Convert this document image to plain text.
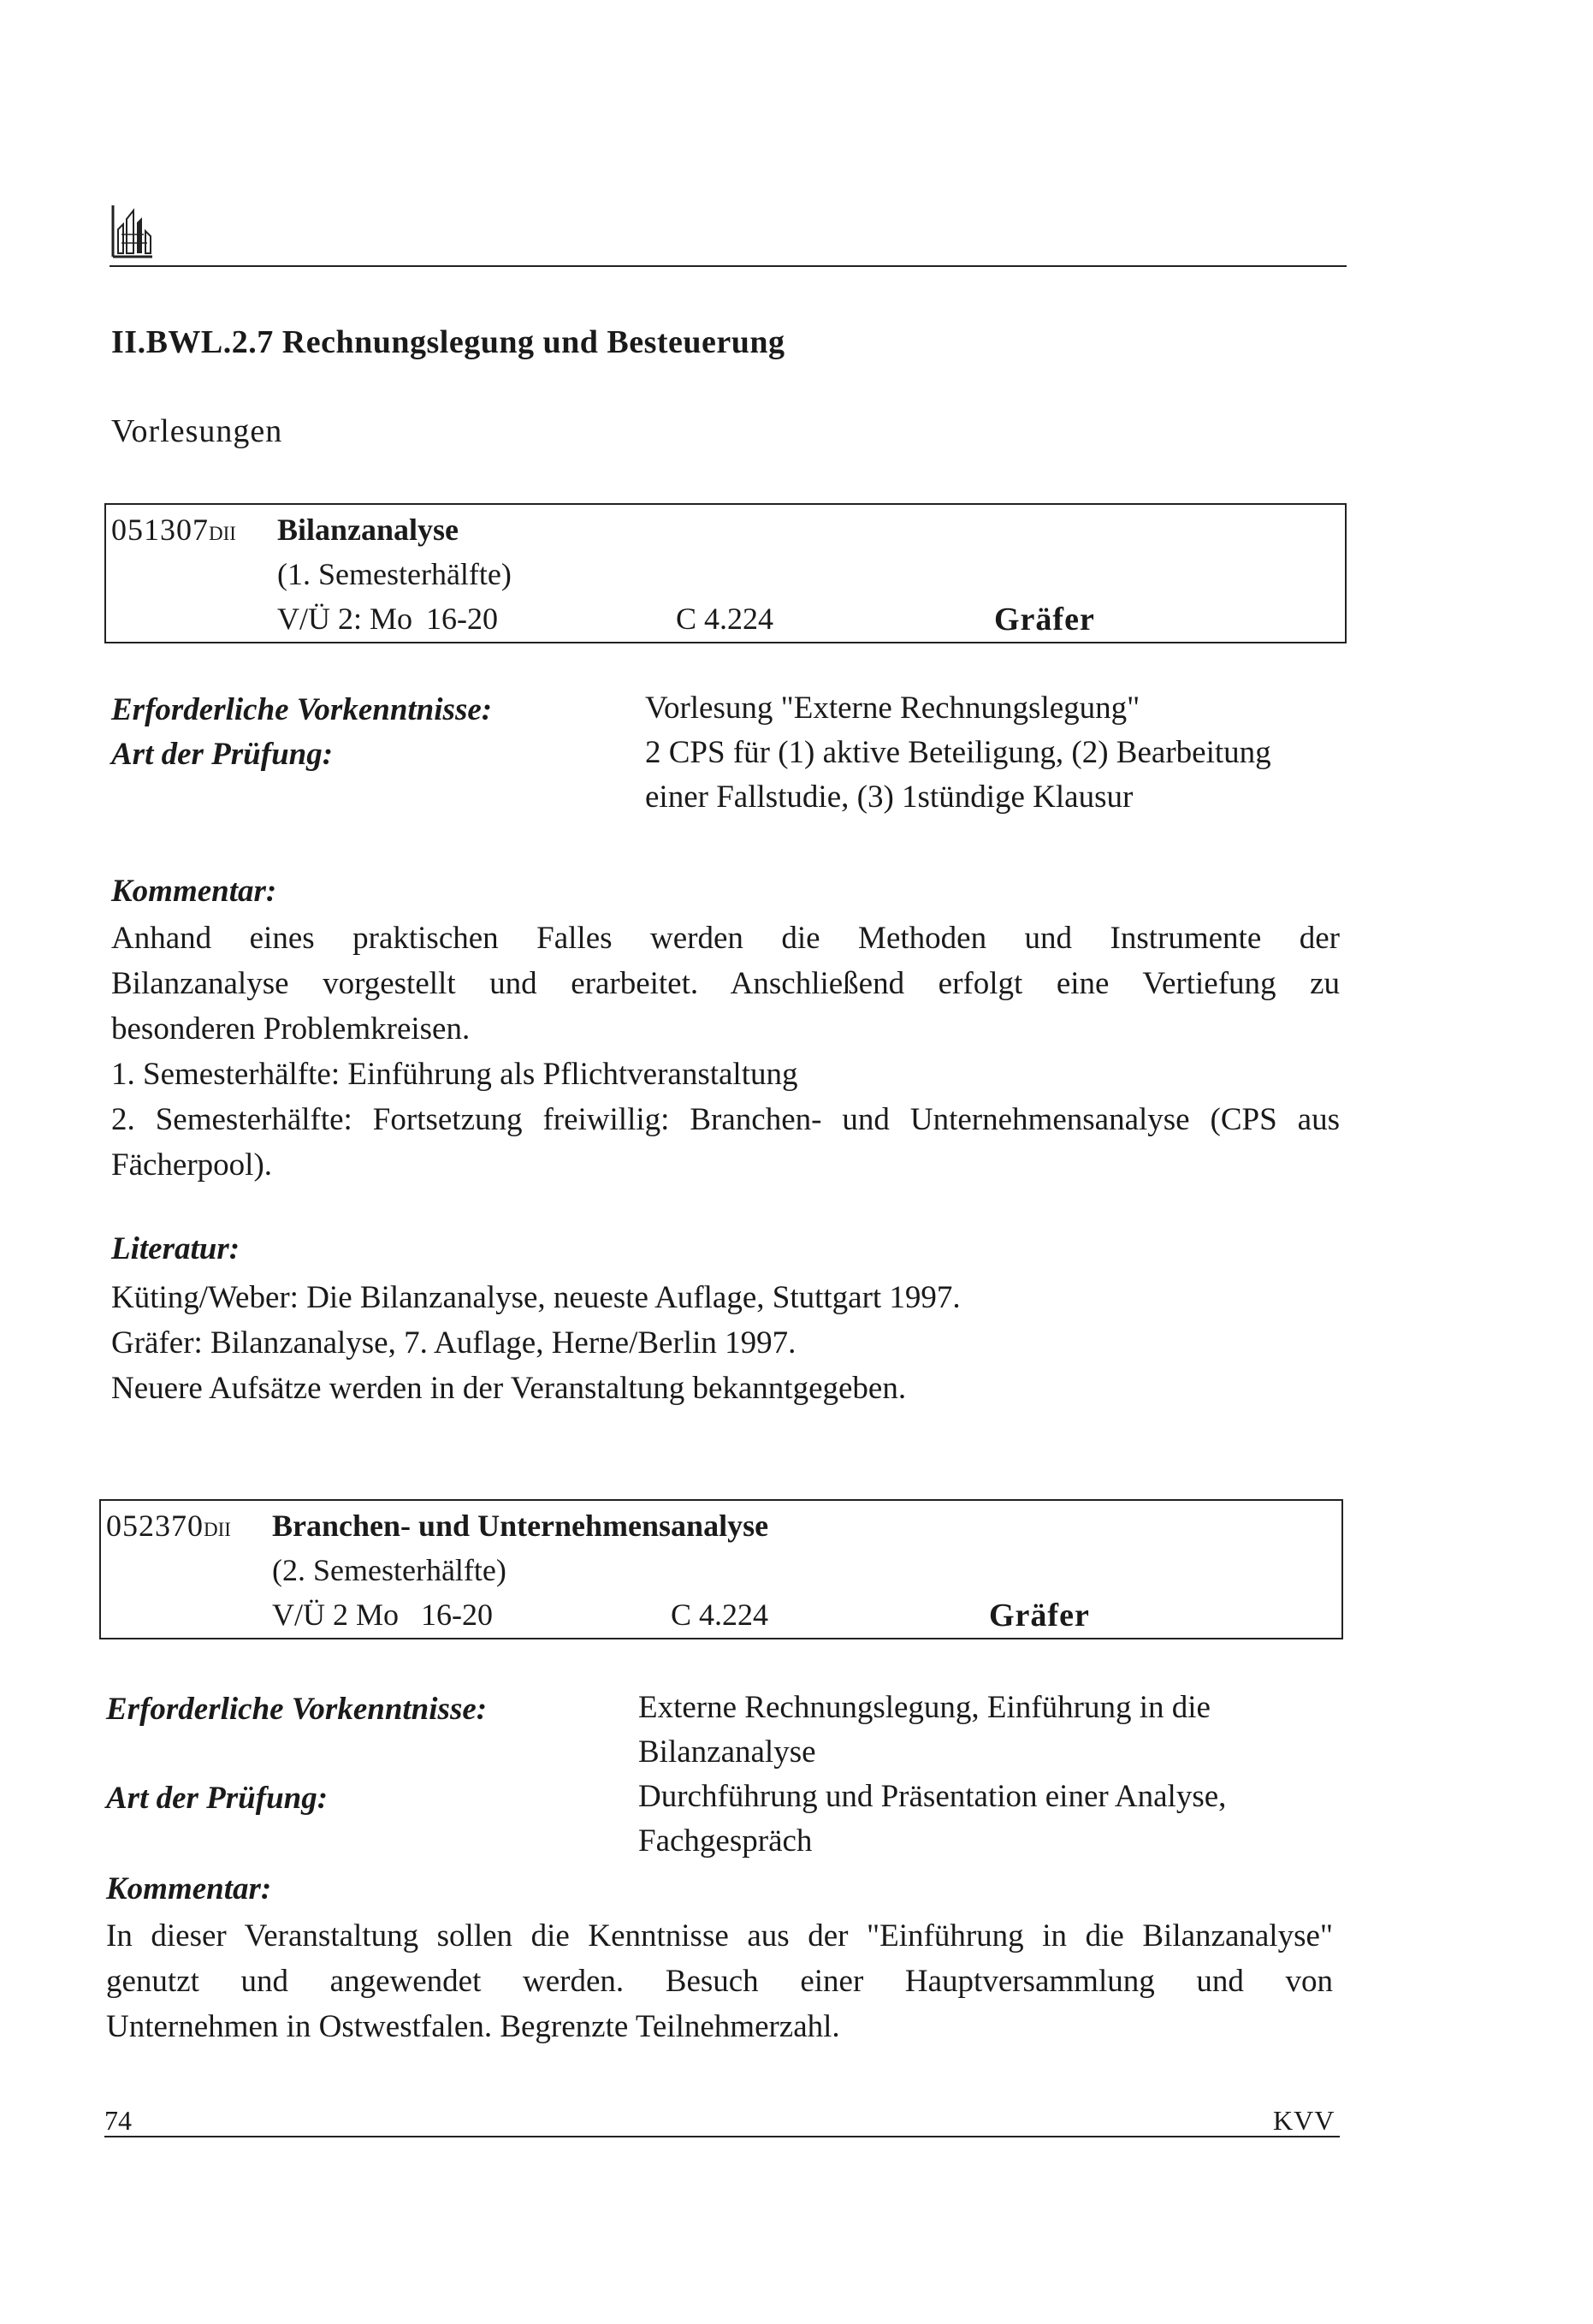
II.BWL.2.7 Rechnungslegung und Besteuerung
Vorlesungen
051307DII Bilanzanalyse
(1. Semesterhälfte)
V/Ü 2: Mo 16-20	C 4.224	Gräfer
Erforderliche Vorkenntnisse:	Vorlesung "Externe Rechnungslegung"
Art der Prüfung:	2 CPS für (1) aktive Beteiligung, (2) Bearbeitung
einer Fallstudie, (3) 1stündige Klausur
Kommentar:

Anhand eines praktischen Falles werden die Methoden und Instrumente der

Bilanzanalyse vorgestellt und erarbeitet. Anschließend erfolgt eine Vertiefung zu

besonderen Problemkreisen.

1. Semesterhälfte: Einführung als Pflichtveranstaltung

2. Semesterhälfte: Fortsetzung freiwillig: Branchen- und Unternehmensanalyse (CPS aus

Fächerpool).

Literatur:

Küting/Weber: Die Bilanzanalyse, neueste Auflage, Stuttgart 1997.

Gräfer: Bilanzanalyse, 7. Auflage, Herne/Berlin 1997.

Neuere Aufsätze werden in der Veranstaltung bekanntgegeben.

052370DII Branchen- und Unternehmensanalyse
(2. Semesterhälfte)
V/Ü 2 Mo 16-20	C 4.224	Gräfer
Erforderliche Vorkenntnisse:	Externe Rechnungslegung, Einführung in die
Bilanzanalyse
Art der Prüfung:	Durchführung und Präsentation einer Analyse,
Fachgespräch
Kommentar:

In dieser Veranstaltung sollen die Kenntnisse aus der "Einführung in die Bilanzanalyse"

genutzt und angewendet werden. Besuch einer Hauptversammlung und von

Unternehmen in Ostwestfalen. Begrenzte Teilnehmerzahl.

74	KVV
